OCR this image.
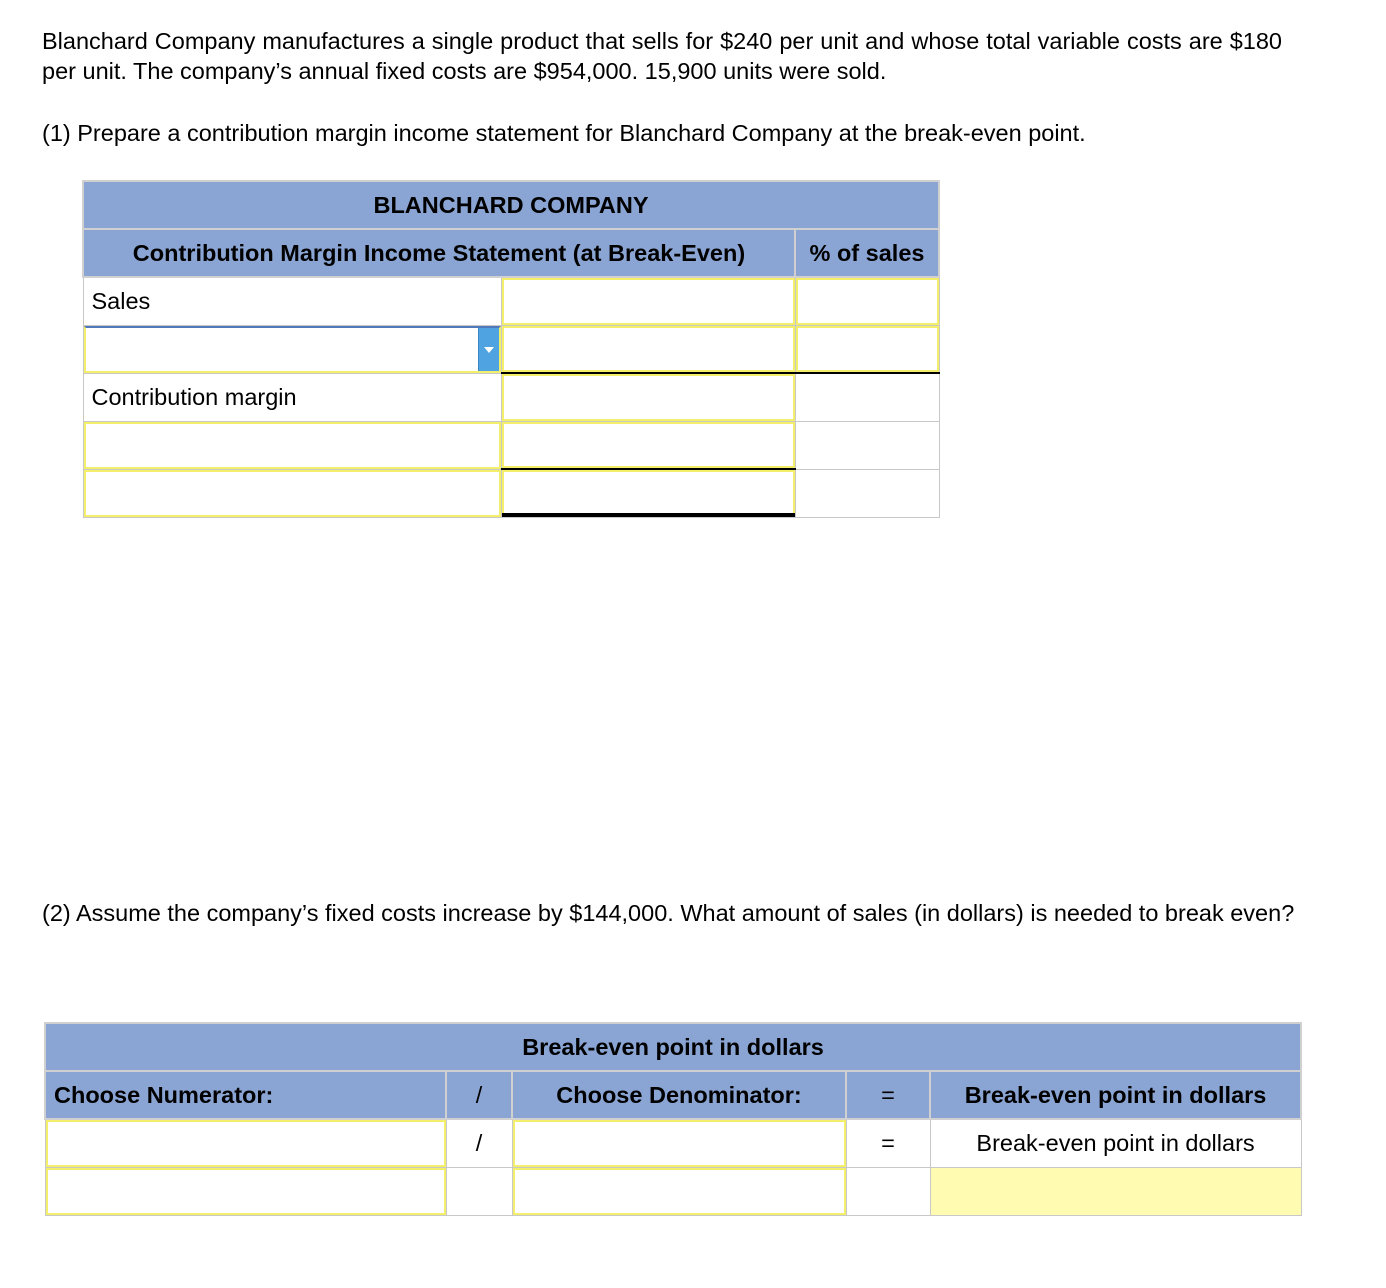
Blanchard Company manufactures a single product that sells for $240 per unit and whose total variable costs are $180 per unit. The company’s annual fixed costs are $954,000. 15,900 units were sold.

(1) Prepare a contribution margin income statement for Blanchard Company at the break-even point.

BLANCHARD COMPANY		
Contribution Margin Income Statement (at Break-Even)		% of sales
Sales	

Contribution margin	

(2) Assume the company’s fixed costs increase by $144,000. What amount of sales (in dollars) is needed to break even?

Break-even point in dollars				
Choose Numerator:	/	Choose Denominator:	=	Break-even point in dollars

	/		=	Break-even point in dollars
